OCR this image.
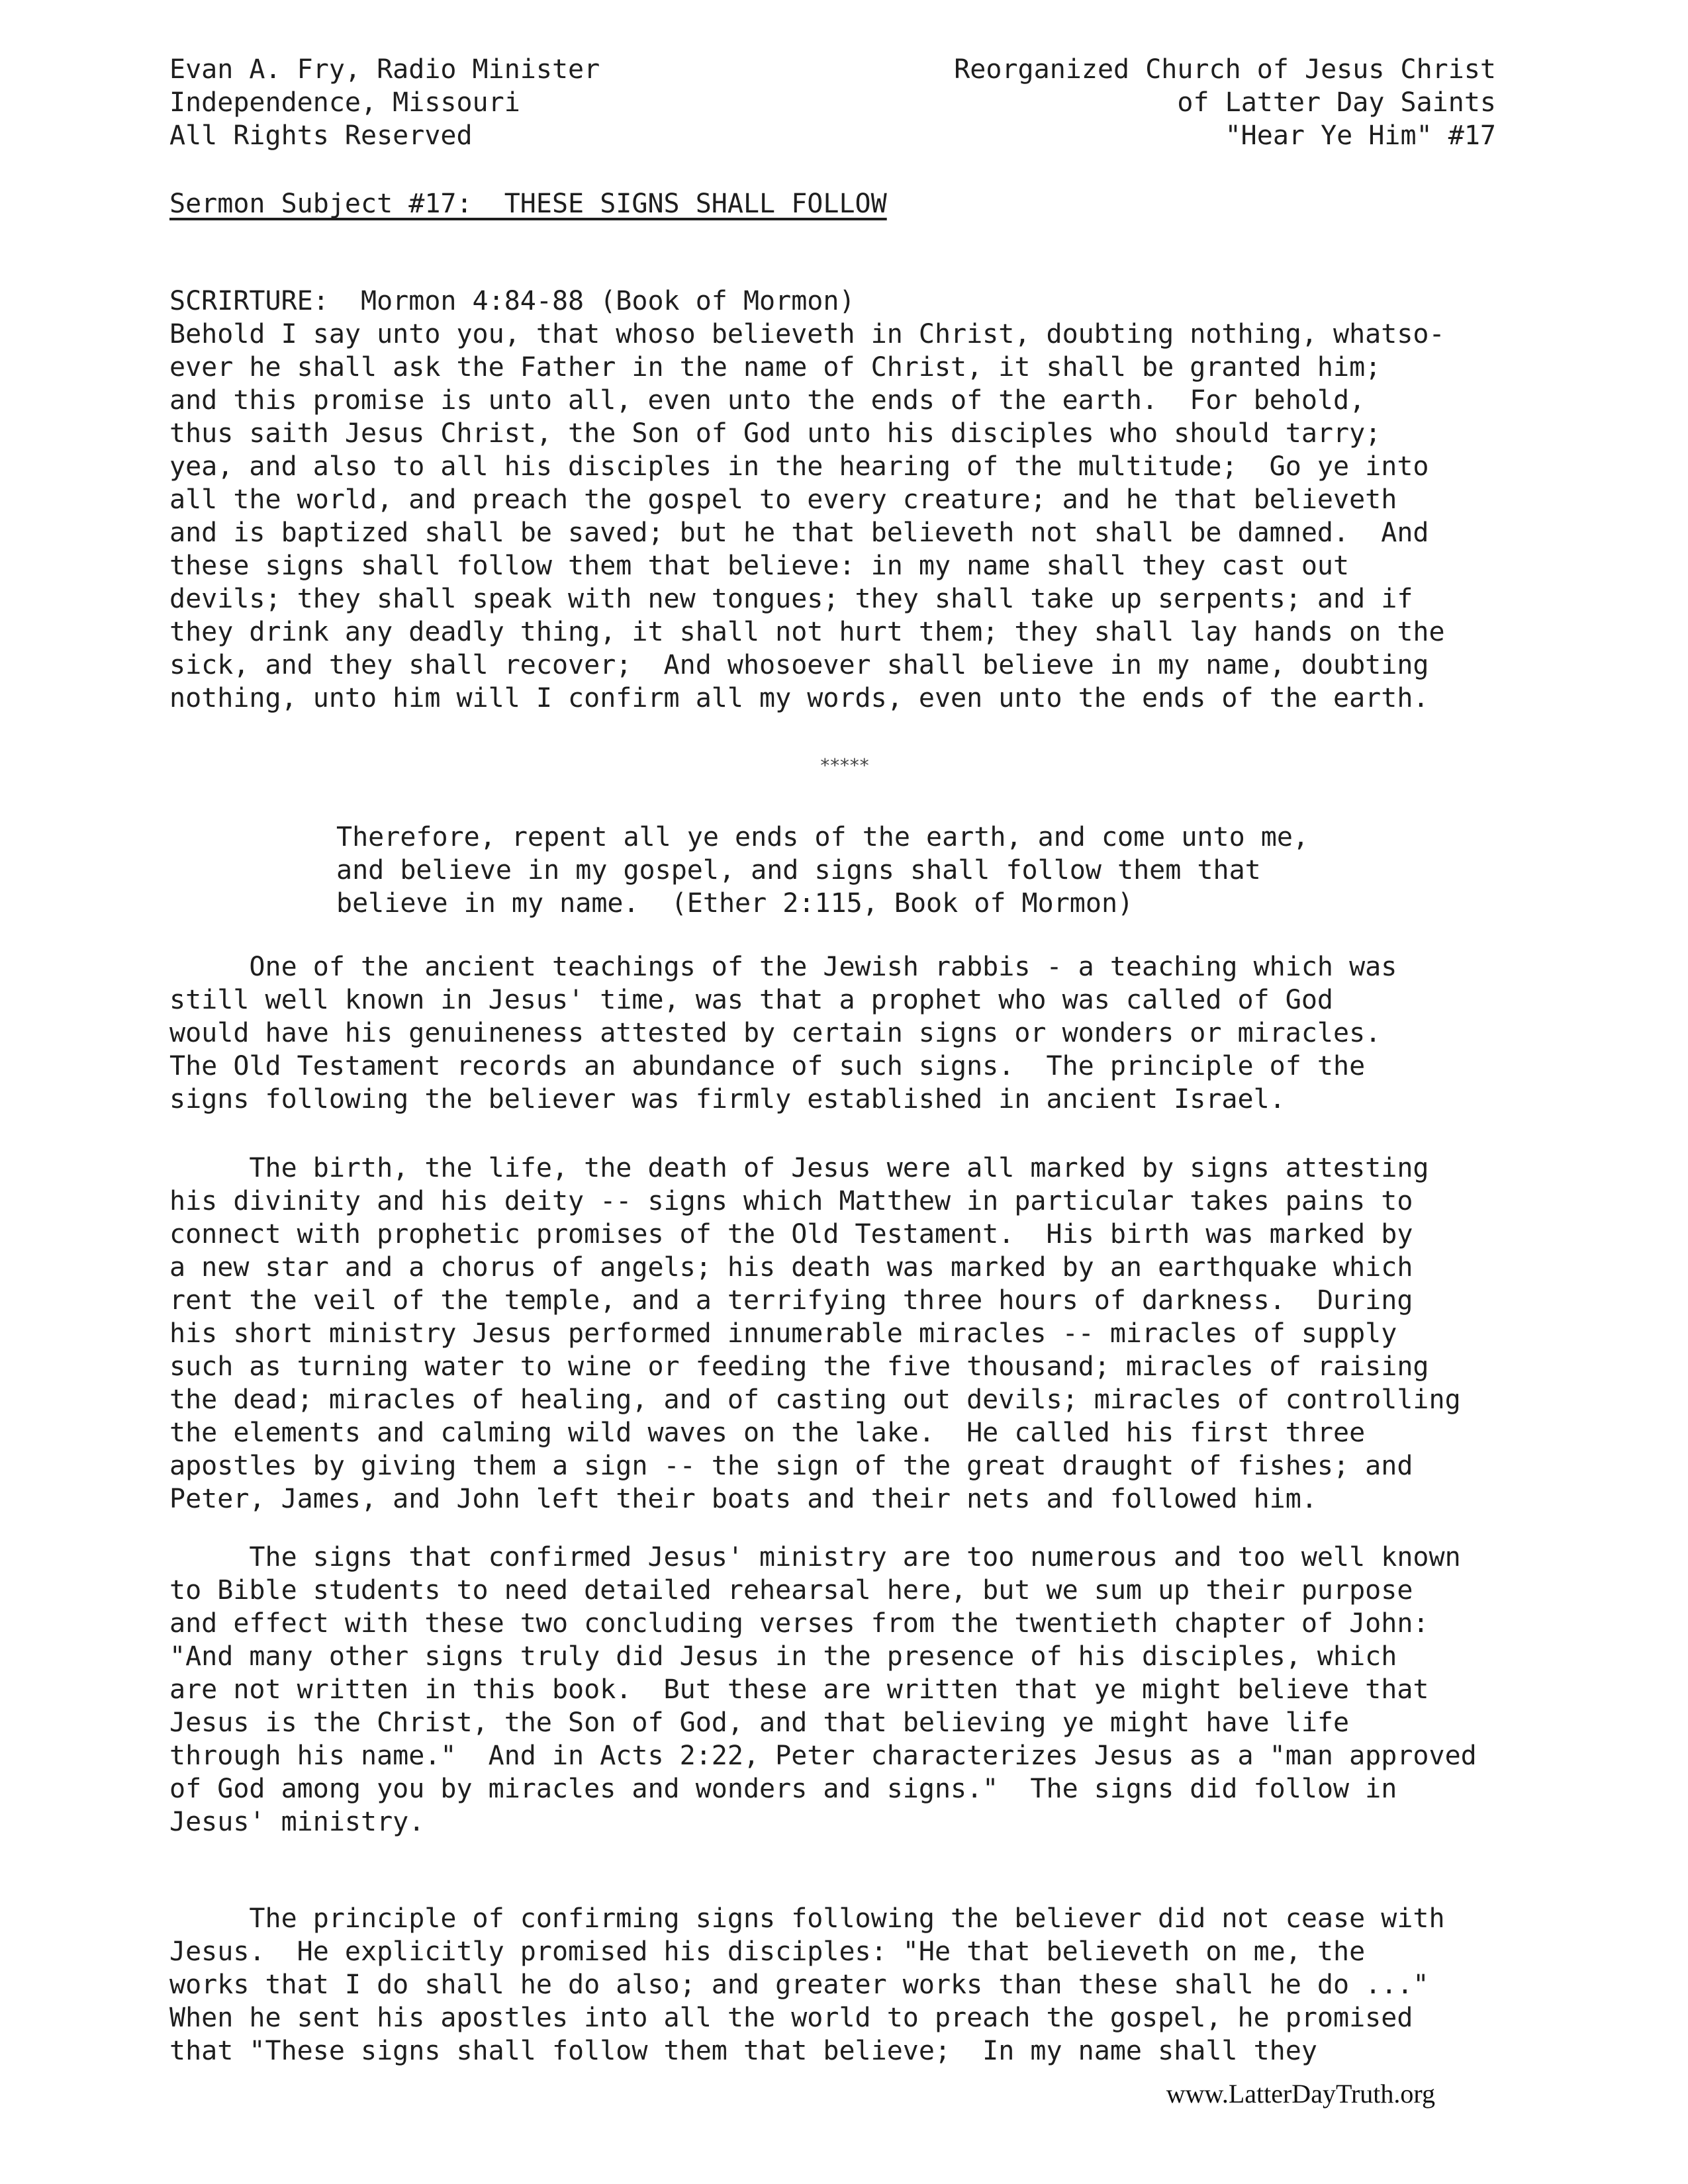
Evan A. Fry, Radio Minister
Independence, Missouri
All Rights Reserved
Reorganized Church of Jesus Christ
of Latter Day Saints
"Hear Ye Him" #17
Sermon Subject #17:  THESE SIGNS SHALL FOLLOW
SCRIRTURE:  Mormon 4:84-88 (Book of Mormon)
Behold I say unto you, that whoso believeth in Christ, doubting nothing, whatso-
ever he shall ask the Father in the name of Christ, it shall be granted him;
and this promise is unto all, even unto the ends of the earth.  For behold,
thus saith Jesus Christ, the Son of God unto his disciples who should tarry;
yea, and also to all his disciples in the hearing of the multitude;  Go ye into
all the world, and preach the gospel to every creature; and he that believeth
and is baptized shall be saved; but he that believeth not shall be damned.  And
these signs shall follow them that believe: in my name shall they cast out
devils; they shall speak with new tongues; they shall take up serpents; and if
they drink any deadly thing, it shall not hurt them; they shall lay hands on the
sick, and they shall recover;  And whosoever shall believe in my name, doubting
nothing, unto him will I confirm all my words, even unto the ends of the earth.
*****
Therefore, repent all ye ends of the earth, and come unto me,
and believe in my gospel, and signs shall follow them that
believe in my name.  (Ether 2:115, Book of Mormon)
One of the ancient teachings of the Jewish rabbis - a teaching which was
still well known in Jesus' time, was that a prophet who was called of God
would have his genuineness attested by certain signs or wonders or miracles.
The Old Testament records an abundance of such signs.  The principle of the
signs following the believer was firmly established in ancient Israel.
The birth, the life, the death of Jesus were all marked by signs attesting
his divinity and his deity -- signs which Matthew in particular takes pains to
connect with prophetic promises of the Old Testament.  His birth was marked by
a new star and a chorus of angels; his death was marked by an earthquake which
rent the veil of the temple, and a terrifying three hours of darkness.  During
his short ministry Jesus performed innumerable miracles -- miracles of supply
such as turning water to wine or feeding the five thousand; miracles of raising
the dead; miracles of healing, and of casting out devils; miracles of controlling
the elements and calming wild waves on the lake.  He called his first three
apostles by giving them a sign -- the sign of the great draught of fishes; and
Peter, James, and John left their boats and their nets and followed him.
The signs that confirmed Jesus' ministry are too numerous and too well known
to Bible students to need detailed rehearsal here, but we sum up their purpose
and effect with these two concluding verses from the twentieth chapter of John:
"And many other signs truly did Jesus in the presence of his disciples, which
are not written in this book.  But these are written that ye might believe that
Jesus is the Christ, the Son of God, and that believing ye might have life
through his name."  And in Acts 2:22, Peter characterizes Jesus as a "man approved
of God among you by miracles and wonders and signs."  The signs did follow in
Jesus' ministry.
The principle of confirming signs following the believer did not cease with
Jesus.  He explicitly promised his disciples: "He that believeth on me, the
works that I do shall he do also; and greater works than these shall he do ..."
When he sent his apostles into all the world to preach the gospel, he promised
that "These signs shall follow them that believe;  In my name shall they
www.LatterDayTruth.org
